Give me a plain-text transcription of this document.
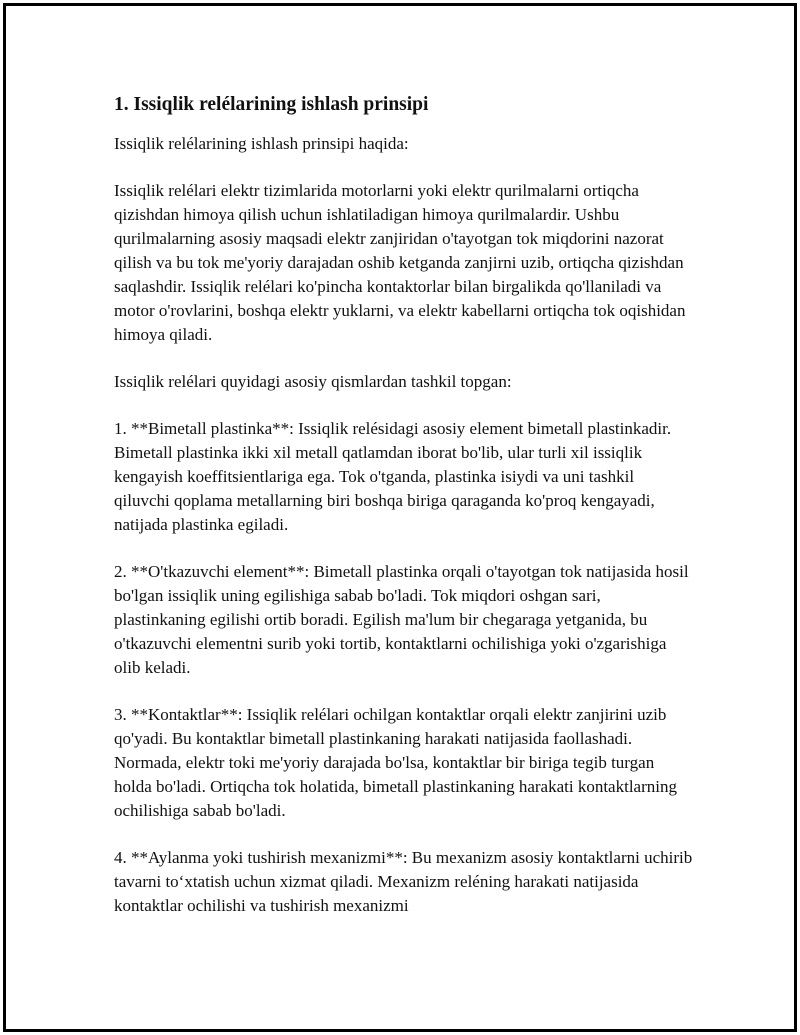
1. Issiqlik relélarining ishlash prinsipi

Issiqlik relélarining ishlash prinsipi haqida:

Issiqlik relélari elektr tizimlarida motorlarni yoki elektr qurilmalarni ortiqcha qizishdan himoya qilish uchun ishlatiladigan himoya qurilmalardir. Ushbu qurilmalarning asosiy maqsadi elektr zanjiridan o'tayotgan tok miqdorini nazorat qilish va bu tok me'yoriy darajadan oshib ketganda zanjirni uzib, ortiqcha qizishdan saqlashdir. Issiqlik relélari ko'pincha kontaktorlar bilan birgalikda qo'llaniladi va motor o'rovlarini, boshqa elektr yuklarni, va elektr kabellarni ortiqcha tok oqishidan himoya qiladi.

Issiqlik relélari quyidagi asosiy qismlardan tashkil topgan:

1. **Bimetall plastinka**: Issiqlik relésidagi asosiy element bimetall plastinkadir. Bimetall plastinka ikki xil metall qatlamdan iborat bo'lib, ular turli xil issiqlik kengayish koeffitsientlariga ega. Tok o'tganda, plastinka isiydi va uni tashkil qiluvchi qoplama metallarning biri boshqa biriga qaraganda ko'proq kengayadi, natijada plastinka egiladi.

2. **O'tkazuvchi element**: Bimetall plastinka orqali o'tayotgan tok natijasida hosil bo'lgan issiqlik uning egilishiga sabab bo'ladi. Tok miqdori oshgan sari, plastinkaning egilishi ortib boradi. Egilish ma'lum bir chegaraga yetganida, bu o'tkazuvchi elementni surib yoki tortib, kontaktlarni ochilishiga yoki o'zgarishiga olib keladi.

3. **Kontaktlar**: Issiqlik relélari ochilgan kontaktlar orqali elektr zanjirini uzib qo'yadi. Bu kontaktlar bimetall plastinkaning harakati natijasida faollashadi. Normada, elektr toki me'yoriy darajada bo'lsa, kontaktlar bir biriga tegib turgan holda bo'ladi. Ortiqcha tok holatida, bimetall plastinkaning harakati kontaktlarning ochilishiga sabab bo'ladi.

4. **Aylanma yoki tushirish mexanizmi**: Bu mexanizm asosiy kontaktlarni uchirib tavarni to‘xtatish uchun xizmat qiladi. Mexanizm reléning harakati natijasida kontaktlar ochilishi va tushirish mexanizmi
